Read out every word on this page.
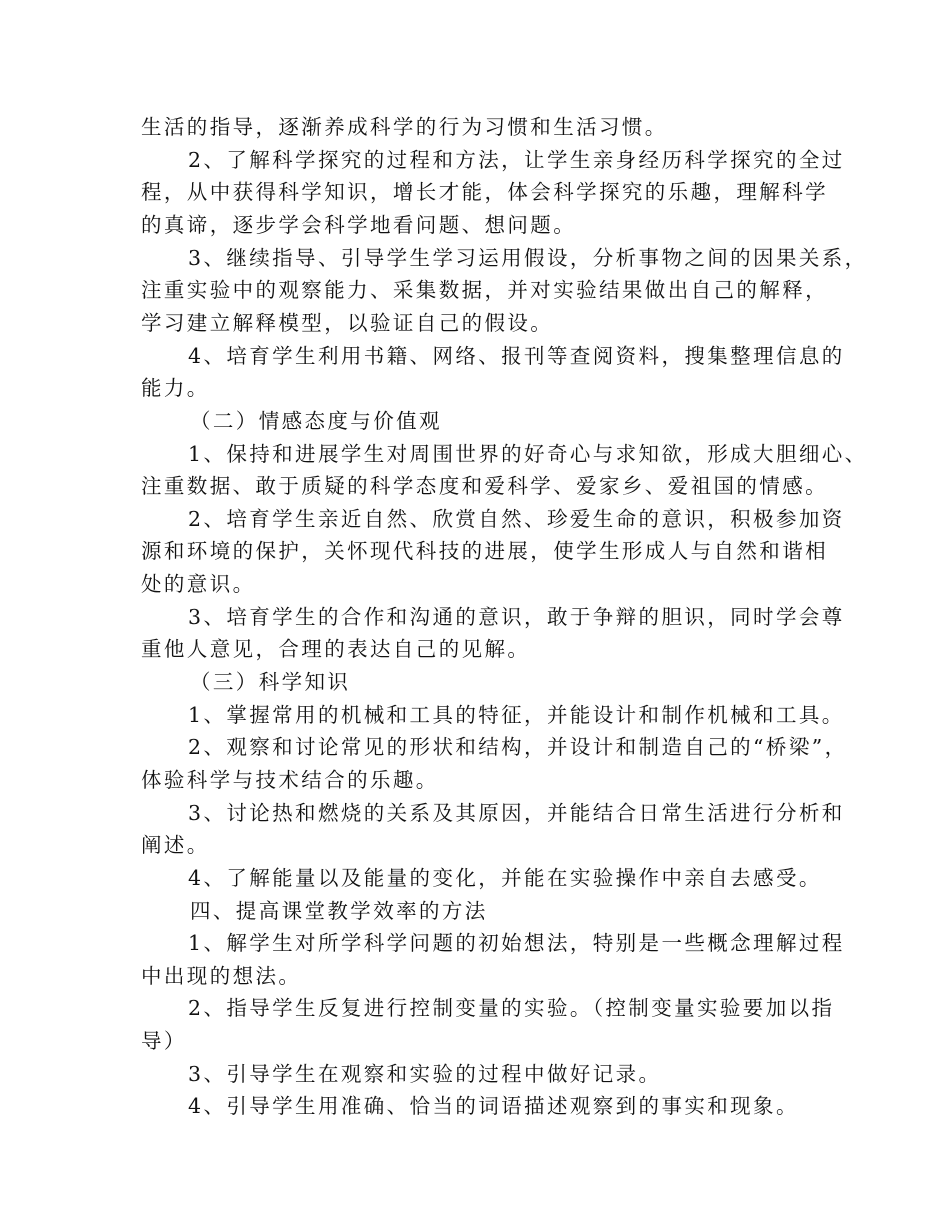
生活的指导，逐渐养成科学的行为习惯和生活习惯。
2、了解科学探究的过程和方法，让学生亲身经历科学探究的全过
程，从中获得科学知识，增长才能，体会科学探究的乐趣，理解科学
的真谛，逐步学会科学地看问题、想问题。
3、继续指导、引导学生学习运用假设，分析事物之间的因果关系，
注重实验中的观察能力、采集数据，并对实验结果做出自己的解释，
学习建立解释模型，以验证自己的假设。
4、培育学生利用书籍、网络、报刊等查阅资料，搜集整理信息的
能力。
（二）情感态度与价值观
1、保持和进展学生对周围世界的好奇心与求知欲，形成大胆细心、
注重数据、敢于质疑的科学态度和爱科学、爱家乡、爱祖国的情感。
2、培育学生亲近自然、欣赏自然、珍爱生命的意识，积极参加资
源和环境的保护，关怀现代科技的进展，使学生形成人与自然和谐相
处的意识。
3、培育学生的合作和沟通的意识，敢于争辩的胆识，同时学会尊
重他人意见，合理的表达自己的见解。
（三）科学知识
1、掌握常用的机械和工具的特征，并能设计和制作机械和工具。
2、观察和讨论常见的形状和结构，并设计和制造自己的“桥梁”，
体验科学与技术结合的乐趣。
3、讨论热和燃烧的关系及其原因，并能结合日常生活进行分析和
阐述。
4、了解能量以及能量的变化，并能在实验操作中亲自去感受。
四、提高课堂教学效率的方法
1、解学生对所学科学问题的初始想法，特别是一些概念理解过程
中出现的想法。
2、指导学生反复进行控制变量的实验。（控制变量实验要加以指
导）
3、引导学生在观察和实验的过程中做好记录。
4、引导学生用准确、恰当的词语描述观察到的事实和现象。
